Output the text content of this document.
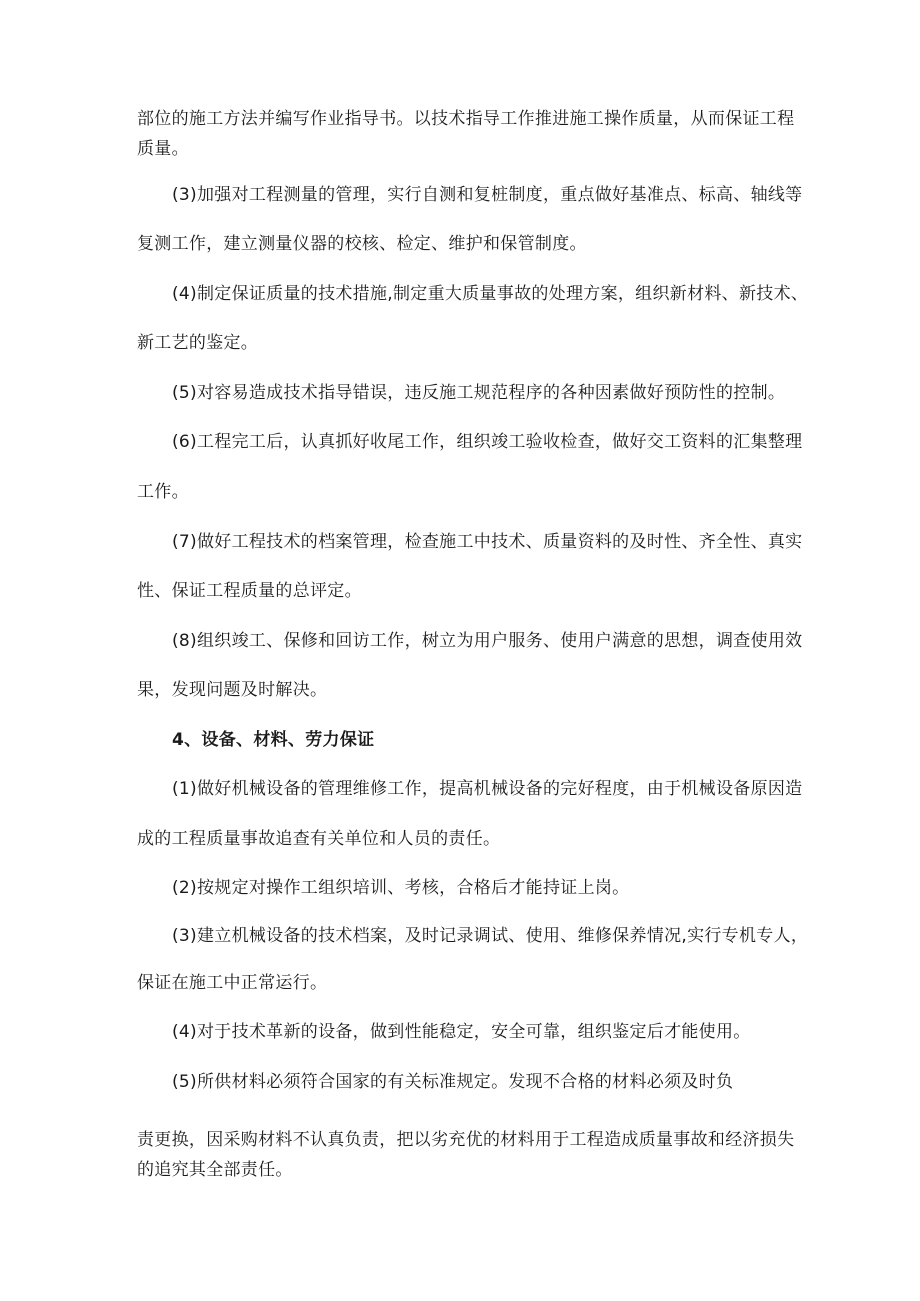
部位的施工方法并编写作业指导书。以技术指导工作推进施工操作质量，从而保证工程
质量。
(3)加强对工程测量的管理，实行自测和复桩制度，重点做好基准点、标高、轴线等
复测工作，建立测量仪器的校核、检定、维护和保管制度。
(4)制定保证质量的技术措施,制定重大质量事故的处理方案，组织新材料、新技术、
新工艺的鉴定。
(5)对容易造成技术指导错误，违反施工规范程序的各种因素做好预防性的控制。
(6)工程完工后，认真抓好收尾工作，组织竣工验收检查，做好交工资料的汇集整理
工作。
(7)做好工程技术的档案管理，检查施工中技术、质量资料的及时性、齐全性、真实
性、保证工程质量的总评定。
(8)组织竣工、保修和回访工作，树立为用户服务、使用户满意的思想，调查使用效
果，发现问题及时解决。
4、设备、材料、劳力保证
(1)做好机械设备的管理维修工作，提高机械设备的完好程度，由于机械设备原因造
成的工程质量事故追查有关单位和人员的责任。
(2)按规定对操作工组织培训、考核，合格后才能持证上岗。
(3)建立机械设备的技术档案，及时记录调试、使用、维修保养情况,实行专机专人，
保证在施工中正常运行。
(4)对于技术革新的设备，做到性能稳定，安全可靠，组织鉴定后才能使用。
(5)所供材料必须符合国家的有关标准规定。发现不合格的材料必须及时负
责更换，因采购材料不认真负责，把以劣充优的材料用于工程造成质量事故和经济损失
的追究其全部责任。
